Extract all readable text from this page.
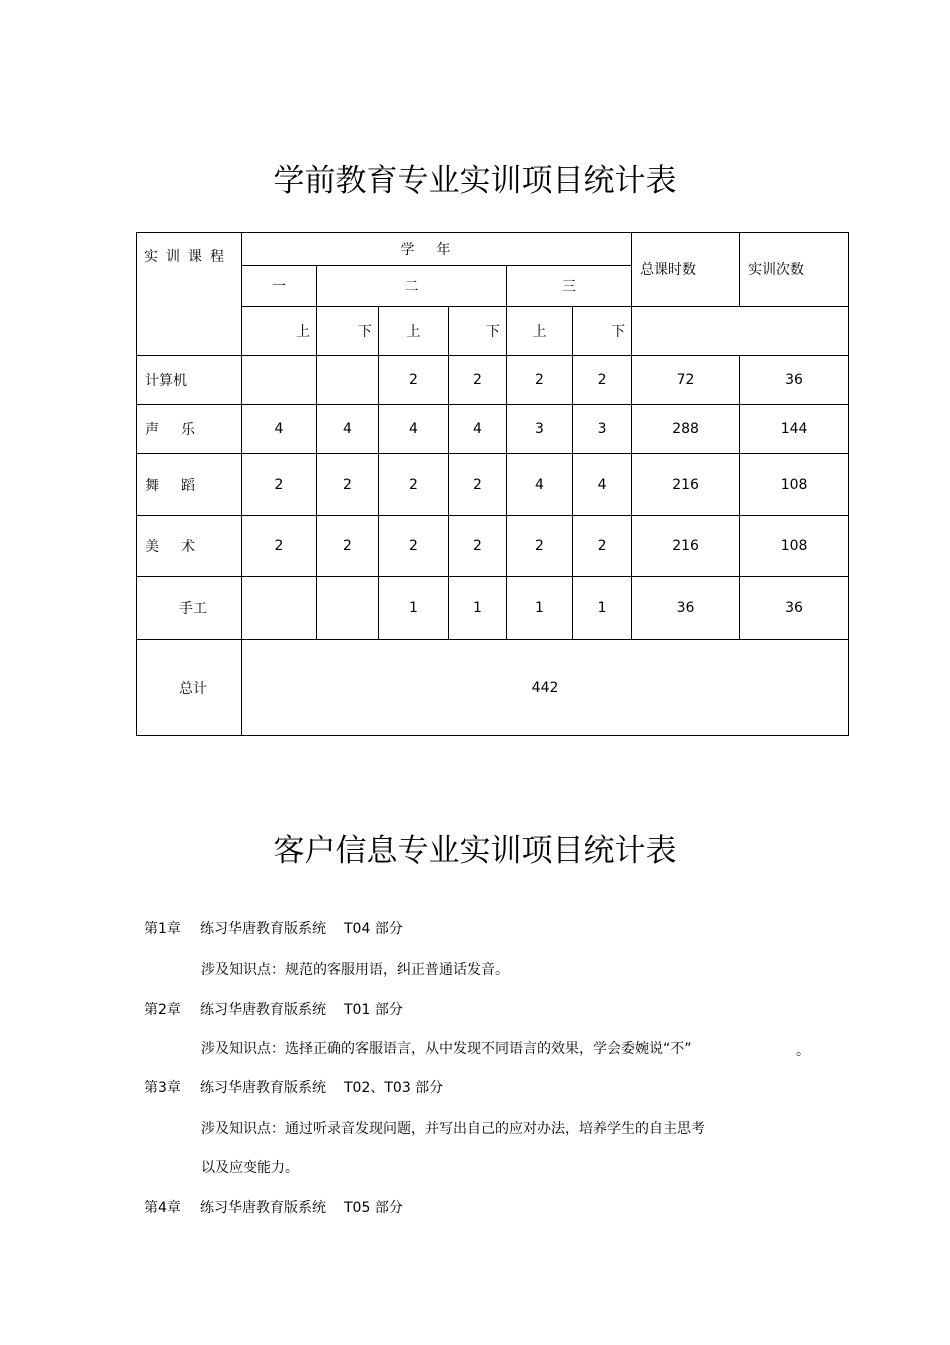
学前教育专业实训项目统计表
实训课程	学年						总课时数	实训次数
	一	二			三			
	上	下	上	下	上	下		
计算机			2	2	2	2	72	36
声乐	4	4	4	4	3	3	288	144
舞蹈	2	2	2	2	4	4	216	108
美术	2	2	2	2	2	2	216	108
手工			1	1	1	1	36	36
总计	442							
客户信息专业实训项目统计表
第1章 练习华唐教育版系统 T04 部分
涉及知识点：规范的客服用语，纠正普通话发音。
第2章 练习华唐教育版系统 T01 部分
涉及知识点：选择正确的客服语言，从中发现不同语言的效果，学会委婉说“不”	。
第3章 练习华唐教育版系统 T02、T03 部分
涉及知识点：通过听录音发现问题，并写出自己的应对办法，培养学生的自主思考
以及应变能力。
第4章 练习华唐教育版系统 T05 部分
